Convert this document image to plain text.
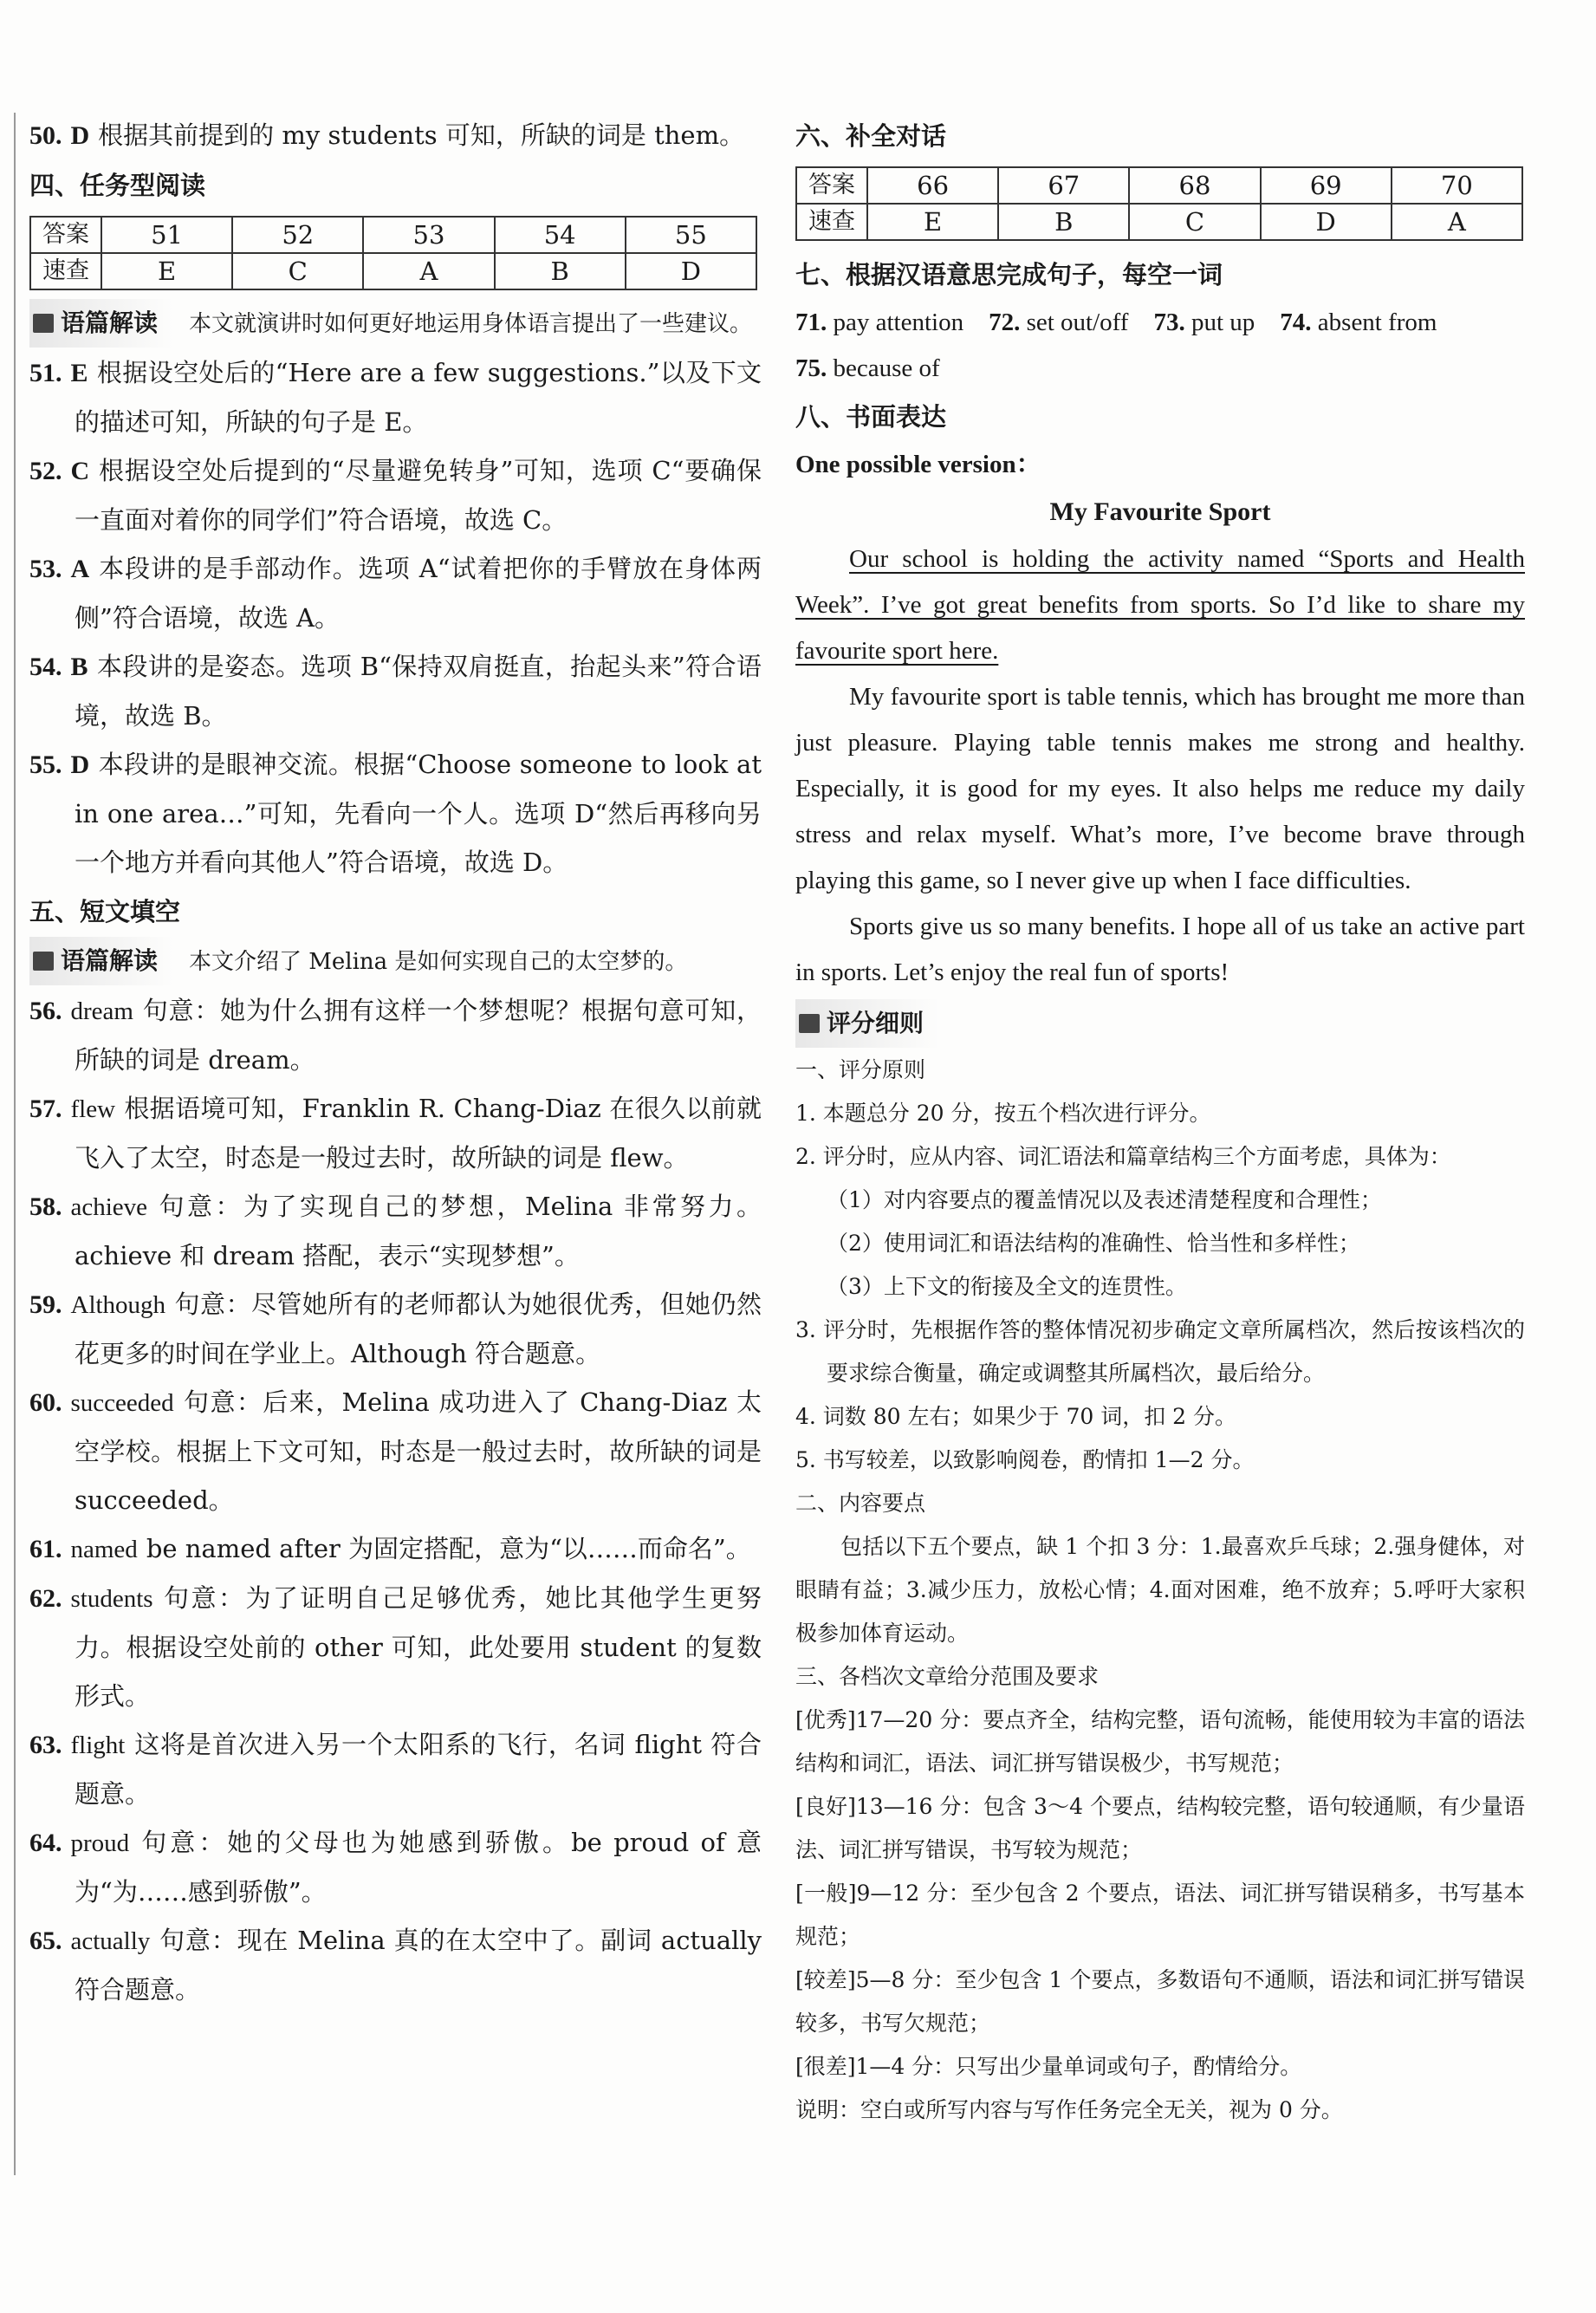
50. D 根据其前提到的 my students 可知，所缺的词是 them。

四、任务型阅读

答案	51	52	53	54	55
速查	E	C	A	B	D

语篇解读 本文就演讲时如何更好地运用身体语言提出了一些建议。

51. E 根据设空处后的“Here are a few suggestions.”以及下文的描述可知，所缺的句子是 E。

52. C 根据设空处后提到的“尽量避免转身”可知，选项 C“要确保一直面对着你的同学们”符合语境，故选 C。

53. A 本段讲的是手部动作。选项 A“试着把你的手臂放在身体两侧”符合语境，故选 A。

54. B 本段讲的是姿态。选项 B“保持双肩挺直，抬起头来”符合语境，故选 B。

55. D 本段讲的是眼神交流。根据“Choose someone to look at in one area…”可知，先看向一个人。选项 D“然后再移向另一个地方并看向其他人”符合语境，故选 D。

五、短文填空

语篇解读 本文介绍了 Melina 是如何实现自己的太空梦的。

56. dream 句意：她为什么拥有这样一个梦想呢？根据句意可知，所缺的词是 dream。

57. flew 根据语境可知，Franklin R. Chang-Diaz 在很久以前就飞入了太空，时态是一般过去时，故所缺的词是 flew。

58. achieve 句意：为了实现自己的梦想，Melina 非常努力。achieve 和 dream 搭配，表示“实现梦想”。

59. Although 句意：尽管她所有的老师都认为她很优秀，但她仍然花更多的时间在学业上。Although 符合题意。

60. succeeded 句意：后来，Melina 成功进入了 Chang-Diaz 太空学校。根据上下文可知，时态是一般过去时，故所缺的词是 succeeded。

61. named be named after 为固定搭配，意为“以……而命名”。

62. students 句意：为了证明自己足够优秀，她比其他学生更努力。根据设空处前的 other 可知，此处要用 student 的复数形式。

63. flight 这将是首次进入另一个太阳系的飞行，名词 flight 符合题意。

64. proud 句意：她的父母也为她感到骄傲。be proud of 意为“为……感到骄傲”。

65. actually 句意：现在 Melina 真的在太空中了。副词 actually 符合题意。

六、补全对话

答案	66	67	68	69	70
速查	E	B	C	D	A

七、根据汉语意思完成句子，每空一词

71. pay attention 72. set out/off 73. put up 74. absent from
75. because of

八、书面表达

One possible version：

My Favourite Sport

Our school is holding the activity named “Sports and Health Week”. I’ve got great benefits from sports. So I’d like to share my favourite sport here.

My favourite sport is table tennis, which has brought me more than just pleasure. Playing table tennis makes me strong and healthy. Especially, it is good for my eyes. It also helps me reduce my daily stress and relax myself. What’s more, I’ve become brave through playing this game, so I never give up when I face difficulties.

Sports give us so many benefits. I hope all of us take an active part in sports. Let’s enjoy the real fun of sports!

评分细则

一、评分原则

1. 本题总分 20 分，按五个档次进行评分。

2. 评分时，应从内容、词汇语法和篇章结构三个方面考虑，具体为：

（1）对内容要点的覆盖情况以及表述清楚程度和合理性；

（2）使用词汇和语法结构的准确性、恰当性和多样性；

（3）上下文的衔接及全文的连贯性。

3. 评分时，先根据作答的整体情况初步确定文章所属档次，然后按该档次的要求综合衡量，确定或调整其所属档次，最后给分。

4. 词数 80 左右；如果少于 70 词，扣 2 分。

5. 书写较差，以致影响阅卷，酌情扣 1—2 分。

二、内容要点

包括以下五个要点，缺 1 个扣 3 分：1.最喜欢乒乓球；2.强身健体，对眼睛有益；3.减少压力，放松心情；4.面对困难，绝不放弃；5.呼吁大家积极参加体育运动。

三、各档次文章给分范围及要求

[优秀]17—20 分：要点齐全，结构完整，语句流畅，能使用较为丰富的语法结构和词汇，语法、词汇拼写错误极少，书写规范；

[良好]13—16 分：包含 3～4 个要点，结构较完整，语句较通顺，有少量语法、词汇拼写错误，书写较为规范；

[一般]9—12 分：至少包含 2 个要点，语法、词汇拼写错误稍多，书写基本规范；

[较差]5—8 分：至少包含 1 个要点，多数语句不通顺，语法和词汇拼写错误较多，书写欠规范；

[很差]1—4 分：只写出少量单词或句子，酌情给分。

说明：空白或所写内容与写作任务完全无关，视为 0 分。
